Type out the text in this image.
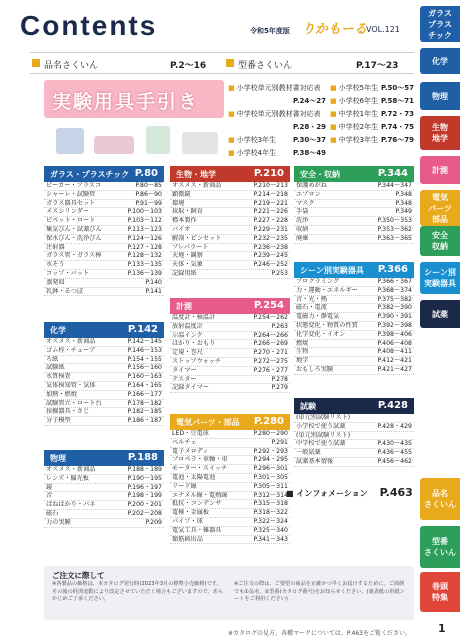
Contents	令和5年度版 りかもーる
VOL.121
品名さくいん	P.2〜16	型番さくいん	P.17〜23
実験用具手引き
■ 小学校単元別教材書対応表
P.24〜27
■ 中学校単元別教材書対応表
P.28・29
■ 小学校3年生 P.30〜37
■ 小学校4年生 P.38〜49
■ 小学校5年生 P.50〜57
■ 小学校6年生 P.58〜71
■ 中学校1年生 P.72・73
■ 中学校2年生 P.74・75
■ 中学校3年生 P.76〜79
ガラス・プラスチック P.80
ビーカー・フラスコ	P.80〜85
シャーレ・試験管	P.86〜90
ガラス器具セット	P.91〜99
メスシリンダー	P.100〜103
ピペット・ロート	P.103〜112
集気びん・試薬びん	P.113〜123
保水びん・洗浄びん	P.124〜126
注射器	P.127・128
ガラス管・ガラス棒	P.128〜132
水そう	P.133〜135
コップ・バット	P.136〜139
蒸発皿	P.140
乳鉢・るつぼ	P.141
化学	P.142
オスメス・新商品	P.142〜145
ゴム栓・チューブ	P.146〜153
ろ紙	P.154・155
試験紙	P.156〜160
水質検査	P.160〜163
気体検知管・気体	P.164・165
加熱・燃焼	P.166〜177
試験管立・ロート台	P.178〜182
採掘器具・さじ	P.182〜185
分子模型	P.186・187
物理	P.188
オスメス・新商品	P.188・189
レンズ・偏光板	P.190〜195
鏡	P.196・197
音	P.198・199
ばねはかり・バネ	P.200・201
磁石	P.202〜208
力の実験	P.209
生物・地学	P.210
オスメス・新商品	P.210〜213
顕微鏡	P.214〜218
環境	P.219〜221
採取・飼育	P.221〜226
標本製作	P.227・228
バイオ	P.229〜231
解剖・ピンセット	P.232〜235
プレパラート	P.236〜238
天地・観察	P.239〜245
天体・気象	P.246〜252
記録用紙	P.253
計測	P.254
温度計・検温計	P.254〜262
放射温度計	P.263
示温インク	P.264〜266
はかり・おもり	P.266〜269
定規・巻尺	P.270・271
ストップウォッチ	P.272〜275
タイマー	P.276・277
テスター	P.278
記録タイマー	P.279
電気パーツ・部品 P.280
LED・豆電球	P.280〜290
ベルチェ	P.291
電子メロディ	P.292・293
プロペラ・車軸・車	P.294・295
モーター・スイッチ	P.296〜301
電池・太陽電池	P.301〜305
リード線	P.305〜311
エナメル線・電熱線	P.312〜314
抵抗・コンデンサ	P.315〜318
電極・金属板	P.318〜322
パイプ・球	P.322〜324
電気工具・雑器具	P.325〜340
類筋鋳出品	P.341〜343
安全・収納	P.344
保護めがね	P.344〜347
エプロン	P.348
マスク	P.348
手袋	P.349
洗浄	P.350〜353
収納	P.353〜362
廃棄	P.363〜365
シーン別実験器具 P.366
プログラミング	P.366・367
力・運動・エネルギー	P.368〜374
音・光・熱	P.375〜382
磁石・電流	P.382〜390
電磁力・静電気	P.390・391
状態変化・物質の性質	P.392〜398
化学変化・イオン	P.398〜406
燃焼	P.406〜408
生物	P.408〜411
地学	P.412〜421
おもしろ実験	P.421〜427
試験	P.428
(単元別試験リスト)
小学校で使う試薬	P.428・429
(単元別試験リスト)
中学校で使う試薬	P.430〜435
一般試薬	P.436〜455
試薬基本情報	P.456〜462
■ インフォメーション P.463
ガラス
プラス
チック
化学
物理
生物
地学
計測
電気
パーツ
部品
安全
収納
シーン別
実験器具
試薬
品名
さくいん
型番
さくいん
巻頭
特集
ご注文に際して
※各製品の価格は、本カタログ発行時(2023年3月の標準小売価格)です。その後の経済変動により改定させていただく場合もございますので、あらかじめご了承ください。
※ご注文の際は、ご要望の商品を正確かつ早くお届けするために、ご面倒でも①品名、②型番(カタログ番号)をお知らせください。(裏表紙の用紙シートをご利用ください)
※カタログの見方、各種マークについては、P.463をご覧ください。 1
